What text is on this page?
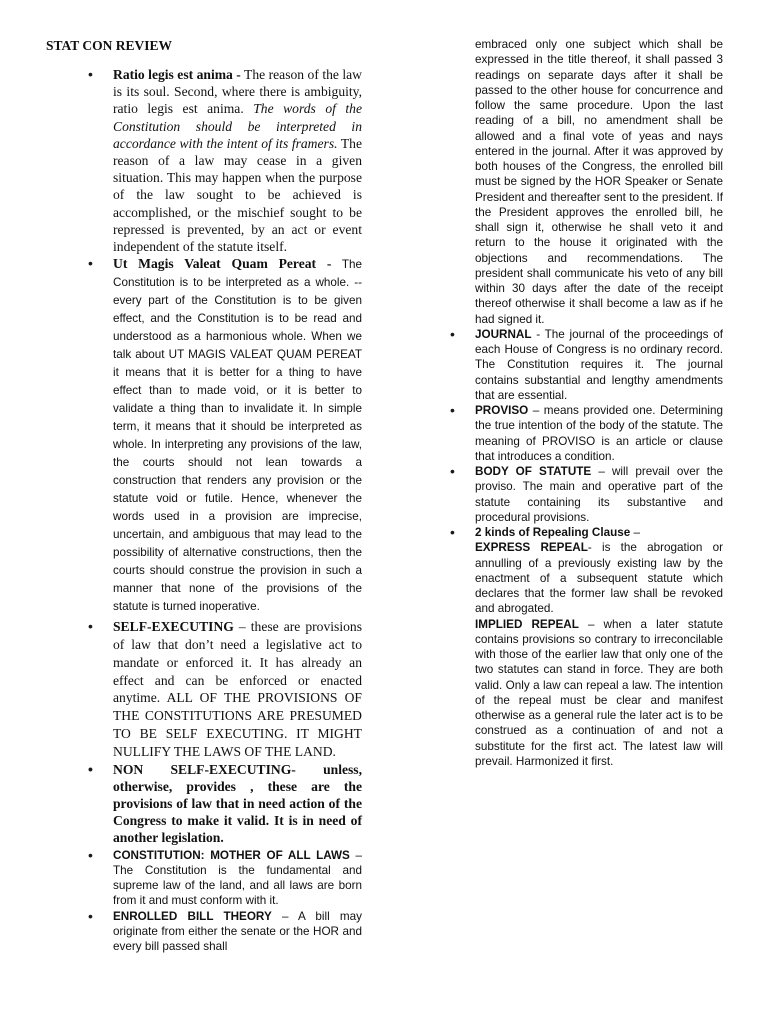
STAT CON REVIEW
• Ratio legis est anima - The reason of the law is its soul. Second, where there is ambiguity, ratio legis est anima. The words of the Constitution should be interpreted in accordance with the intent of its framers. The reason of a law may cease in a given situation. This may happen when the purpose of the law sought to be achieved is accomplished, or the mischief sought to be repressed is prevented, by an act or event independent of the statute itself.
• Ut Magis Valeat Quam Pereat - The Constitution is to be interpreted as a whole. -- every part of the Constitution is to be given effect, and the Constitution is to be read and understood as a harmonious whole. When we talk about UT MAGIS VALEAT QUAM PEREAT it means that it is better for a thing to have effect than to made void, or it is better to validate a thing than to invalidate it. In simple term, it means that it should be interpreted as whole. In interpreting any provisions of the law, the courts should not lean towards a construction that renders any provision or the statute void or futile. Hence, whenever the words used in a provision are imprecise, uncertain, and ambiguous that may lead to the possibility of alternative constructions, then the courts should construe the provision in such a manner that none of the provisions of the statute is turned inoperative.
• SELF-EXECUTING – these are provisions of law that don’t need a legislative act to mandate or enforced it. It has already an effect and can be enforced or enacted anytime. ALL OF THE PROVISIONS OF THE CONSTITUTIONS ARE PRESUMED TO BE SELF EXECUTING. IT MIGHT NULLIFY THE LAWS OF THE LAND.
• NON SELF-EXECUTING- unless, otherwise, provides , these are the provisions of law that in need action of the Congress to make it valid. It is in need of another legislation.
• CONSTITUTION: MOTHER OF ALL LAWS – The Constitution is the fundamental and supreme law of the land, and all laws are born from it and must conform with it.
• ENROLLED BILL THEORY – A bill may originate from either the senate or the HOR and every bill passed shall
embraced only one subject which shall be expressed in the title thereof, it shall passed 3 readings on separate days after it shall be passed to the other house for concurrence and follow the same procedure. Upon the last reading of a bill, no amendment shall be allowed and a final vote of yeas and nays entered in the journal. After it was approved by both houses of the Congress, the enrolled bill must be signed by the HOR Speaker or Senate President and thereafter sent to the president. If the President approves the enrolled bill, he shall sign it, otherwise he shall veto it and return to the house it originated with the objections and recommendations. The president shall communicate his veto of any bill within 30 days after the date of the receipt thereof otherwise it shall become a law as if he had signed it.
• JOURNAL - The journal of the proceedings of each House of Congress is no ordinary record. The Constitution requires it. The journal contains substantial and lengthy amendments that are essential.
• PROVISO – means provided one. Determining the true intention of the body of the statute. The meaning of PROVISO is an article or clause that introduces a condition.
• BODY OF STATUTE – will prevail over the proviso. The main and operative part of the statute containing its substantive and procedural provisions.
• 2 kinds of Repealing Clause –
EXPRESS REPEAL- is the abrogation or annulling of a previously existing law by the enactment of a subsequent statute which declares that the former law shall be revoked and abrogated.
IMPLIED REPEAL – when a later statute contains provisions so contrary to irreconcilable with those of the earlier law that only one of the two statutes can stand in force. They are both valid. Only a law can repeal a law. The intention of the repeal must be clear and manifest otherwise as a general rule the later act is to be construed as a continuation of and not a substitute for the first act. The latest law will prevail. Harmonized it first.
